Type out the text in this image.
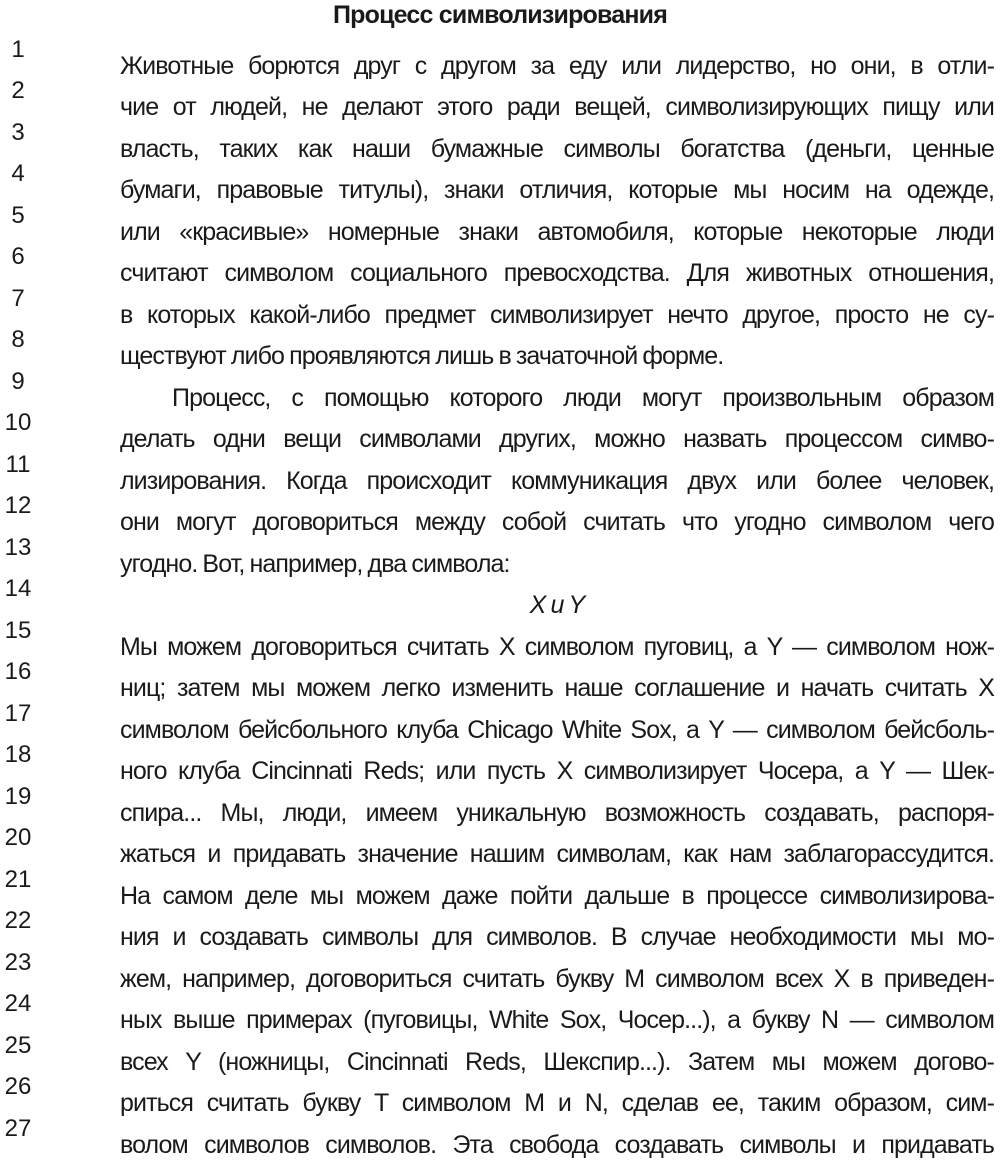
Процесс символизирования
1
2
3
4
5
6
7
8
9
10
11
12
13
14
15
16
17
18
19
20
21
22
23
24
25
26
27
Животные борются друг с другом за еду или лидерство, но они, в отли-
чие от людей, не делают этого ради вещей, символизирующих пищу или
власть, таких как наши бумажные символы богатства (деньги, ценные
бумаги, правовые титулы), знаки отличия, которые мы носим на одежде,
или «красивые» номерные знаки автомобиля, которые некоторые люди
считают символом социального превосходства. Для животных отношения,
в которых какой-либо предмет символизирует нечто другое, просто не су-
ществуют либо проявляются лишь в зачаточной форме.
Процесс, с помощью которого люди могут произвольным образом
делать одни вещи символами других, можно назвать процессом симво-
лизирования. Когда происходит коммуникация двух или более человек,
они могут договориться между собой считать что угодно символом чего
угодно. Вот, например, два символа:
X и Y
Мы можем договориться считать X символом пуговиц, а Y — символом нож-
ниц; затем мы можем легко изменить наше соглашение и начать считать X
символом бейсбольного клуба Chicago White Sox, а Y — символом бейсболь-
ного клуба Cincinnati Reds; или пусть X символизирует Чосера, а Y — Шек-
спира... Мы, люди, имеем уникальную возможность создавать, распоря-
жаться и придавать значение нашим символам, как нам заблагорассудится.
На самом деле мы можем даже пойти дальше в процессе символизирова-
ния и создавать символы для символов. В случае необходимости мы мо-
жем, например, договориться считать букву M символом всех X в приведен-
ных выше примерах (пуговицы, White Sox, Чосер...), а букву N — символом
всех Y (ножницы, Cincinnati Reds, Шекспир...). Затем мы можем догово-
риться считать букву T символом M и N, сделав ее, таким образом, сим-
волом символов символов. Эта свобода создавать символы и придавать
